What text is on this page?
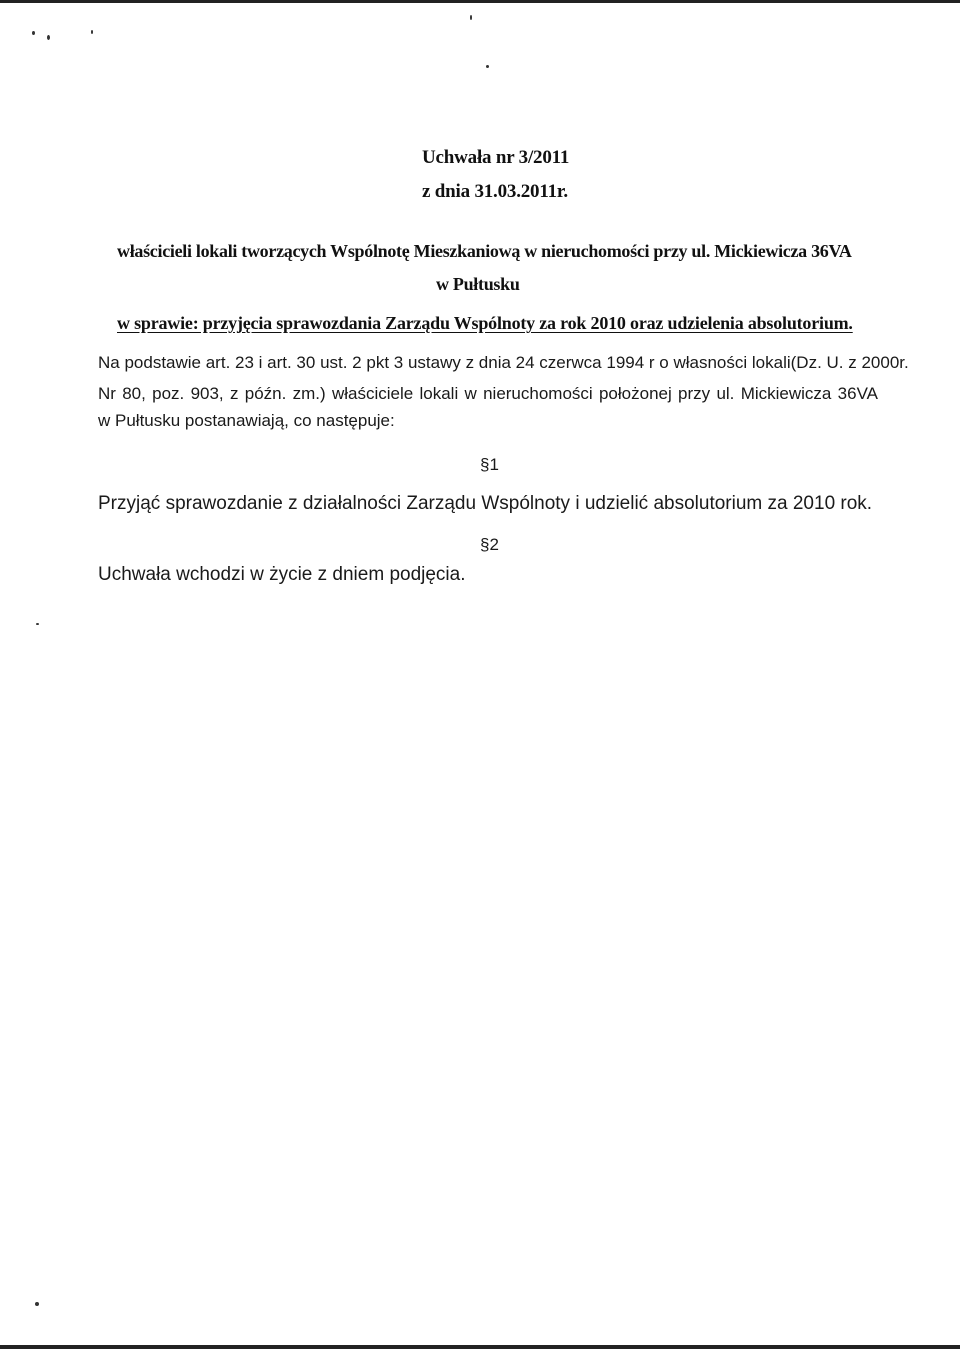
Uchwała nr 3/2011
z dnia 31.03.2011r.
właścicieli lokali tworzących Wspólnotę Mieszkaniową w nieruchomości przy ul. Mickiewicza 36VA
w Pułtusku
w sprawie: przyjęcia sprawozdania Zarządu Wspólnoty za rok 2010 oraz udzielenia absolutorium.
Na podstawie art. 23 i art. 30 ust. 2 pkt 3 ustawy z dnia 24 czerwca 1994 r o własności lokali(Dz. U. z 2000r.
Nr 80, poz. 903, z późn. zm.) właściciele lokali w nieruchomości położonej przy ul. Mickiewicza 36VA
w Pułtusku postanawiają, co następuje:
§1
Przyjąć sprawozdanie z działalności Zarządu Wspólnoty i udzielić absolutorium za 2010 rok.
§2
Uchwała wchodzi w życie z dniem podjęcia.
